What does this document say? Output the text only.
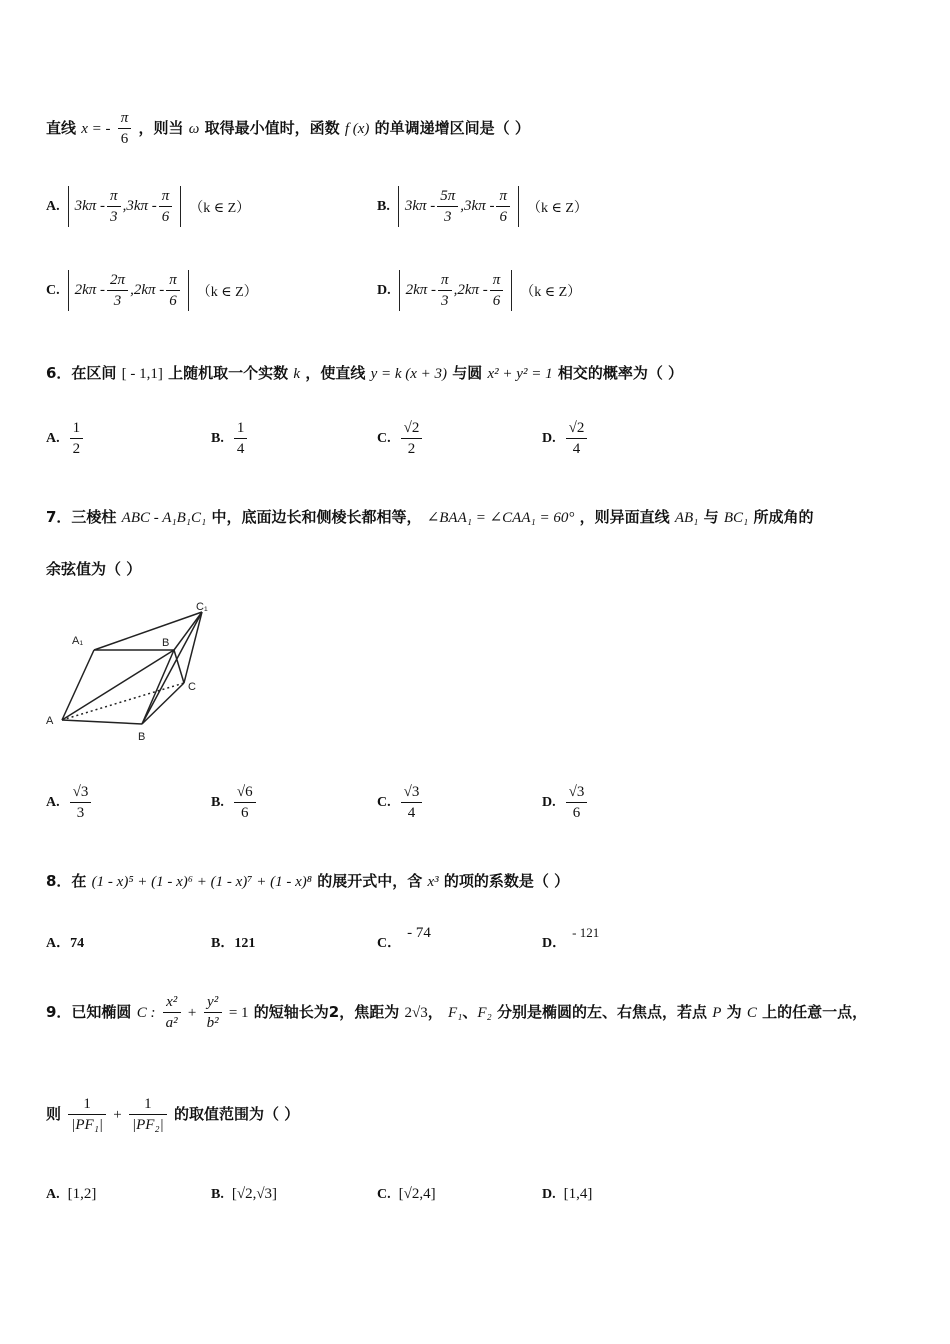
直线 x = - $\frac{\pi}{6}$ ，则当 ω 取得最小值时，函数 f (x) 的单调递增区间是（ ）
A. $3k\pi - \frac{\pi}{3} ,3k\pi - \frac{\pi}{6} (k$ ∈ Z）	B. $3k\pi - \frac{5\pi}{3} ,3k\pi - \frac{\pi}{6} (k$ ∈ Z）
C. $2k\pi - \frac{2\pi}{3} ,2k\pi - \frac{\pi}{6} (k$ ∈ Z）	D. $2k\pi - \frac{\pi}{3} ,2k\pi - \frac{\pi}{6} (k$ ∈ Z）
6．在区间 [ - 1,1] 上随机取一个实数 k ，使直线 y = k (x + 3) 与圆 x² + y² = 1 相交的概率为（ ）
A. $\frac{1}{2}$	B. $\frac{1}{4}$	C. $\frac{√2}{2}$	D. $\frac{√2}{4}$
7．三棱柱 ABC - A₁B₁C₁ 中，底面边长和侧棱长都相等， ∠BAA₁ = ∠CAA₁ = 60° ，则异面直线 AB₁ 与 BC₁ 所成角的
余弦值为（ ）
A₁	B
C₁
C
A
B
A. $\frac{√3}{3}$	B. $\frac{√6}{6}$	C. $\frac{√3}{4}$	D. $\frac{√3}{6}$
8．在 (1 - x)⁵ + (1 - x)⁶ + (1 - x)⁷ + (1 - x)⁸ 的展开式中，含 x³ 的项的系数是（ ）
A．74	B．121	C．- 74
D．- 121
9．已知椭圆 C : $\frac{\text{x²}}{\text{a²}} + \frac{\text{y²}}{\text{b²}} = 1$ 的短轴长为2，焦距为 2√3， F₁、F₂ 分别是椭圆的左、右焦点，若点 P 为 C 上的任意一点，
则 $\frac{1}{\text{|PF₁|}} + \frac{1}{\text{|PF₂|}}$ 的取值范围为（ ）
A. [1,2]	B. [√2,√3]	C. [√2,4]	D. [1,4]
